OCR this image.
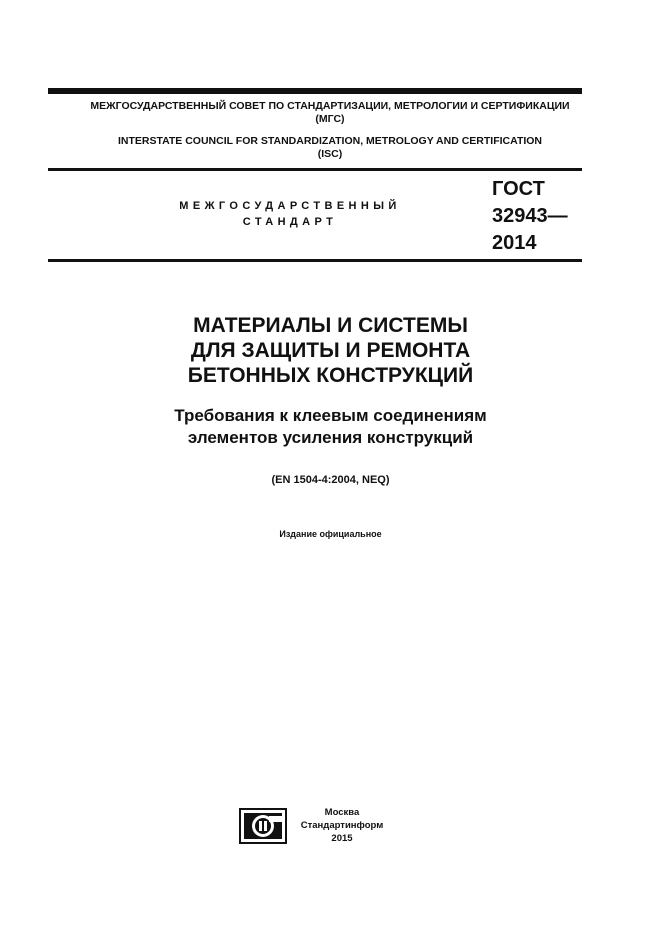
МЕЖГОСУДАРСТВЕННЫЙ СОВЕТ ПО СТАНДАРТИЗАЦИИ, МЕТРОЛОГИИ И СЕРТИФИКАЦИИ
(МГС)
INTERSTATE COUNCIL FOR STANDARDIZATION, METROLOGY AND CERTIFICATION
(ISC)
МЕЖГОСУДАРСТВЕННЫЙ
СТАНДАРТ
ГОСТ
32943—
2014
МАТЕРИАЛЫ И СИСТЕМЫ
ДЛЯ ЗАЩИТЫ И РЕМОНТА
БЕТОННЫХ КОНСТРУКЦИЙ
Требования к клеевым соединениям
элементов усиления конструкций
(EN 1504-4:2004, NEQ)
Издание официальное
Москва
Стандартинформ
2015
